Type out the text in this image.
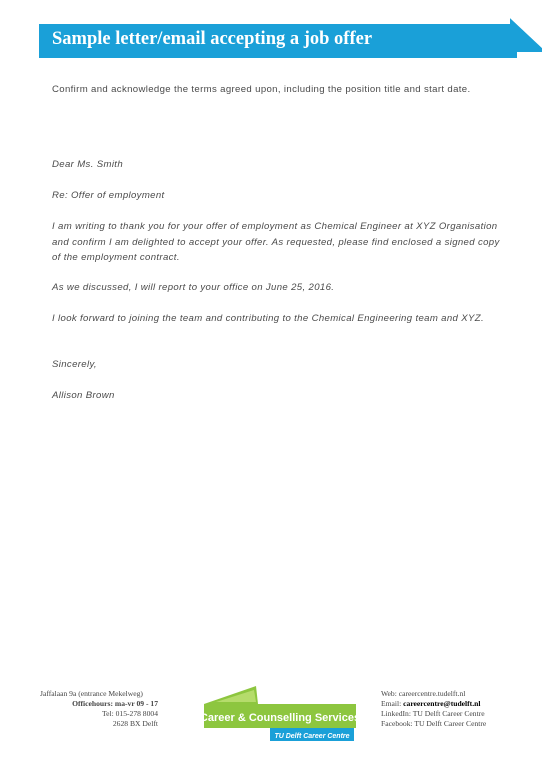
Sample letter/email accepting a job offer
Confirm and acknowledge the terms agreed upon, including the position title and start date.
Dear Ms. Smith
Re: Offer of employment
I am writing to thank you for your offer of employment as Chemical Engineer at XYZ Organisation and confirm I am delighted to accept your offer. As requested, please find enclosed a signed copy of the employment contract.
As we discussed, I will report to your office on June 25, 2016.
I look forward to joining the team and contributing to the Chemical Engineering team and XYZ.
Sincerely,
Allison Brown
Jaffalaan 9a (entrance Mekelweg)
Officehours: ma-vr 09 - 17
Tel: 015-278 8004
2628 BX Delft	Career & Counselling Services
TU Delft Career Centre
Web: careercentre.tudelft.nl
Email: careercentre@tudelft.nl
LinkedIn: TU Delft Career Centre
Facebook: TU Delft Career Centre
